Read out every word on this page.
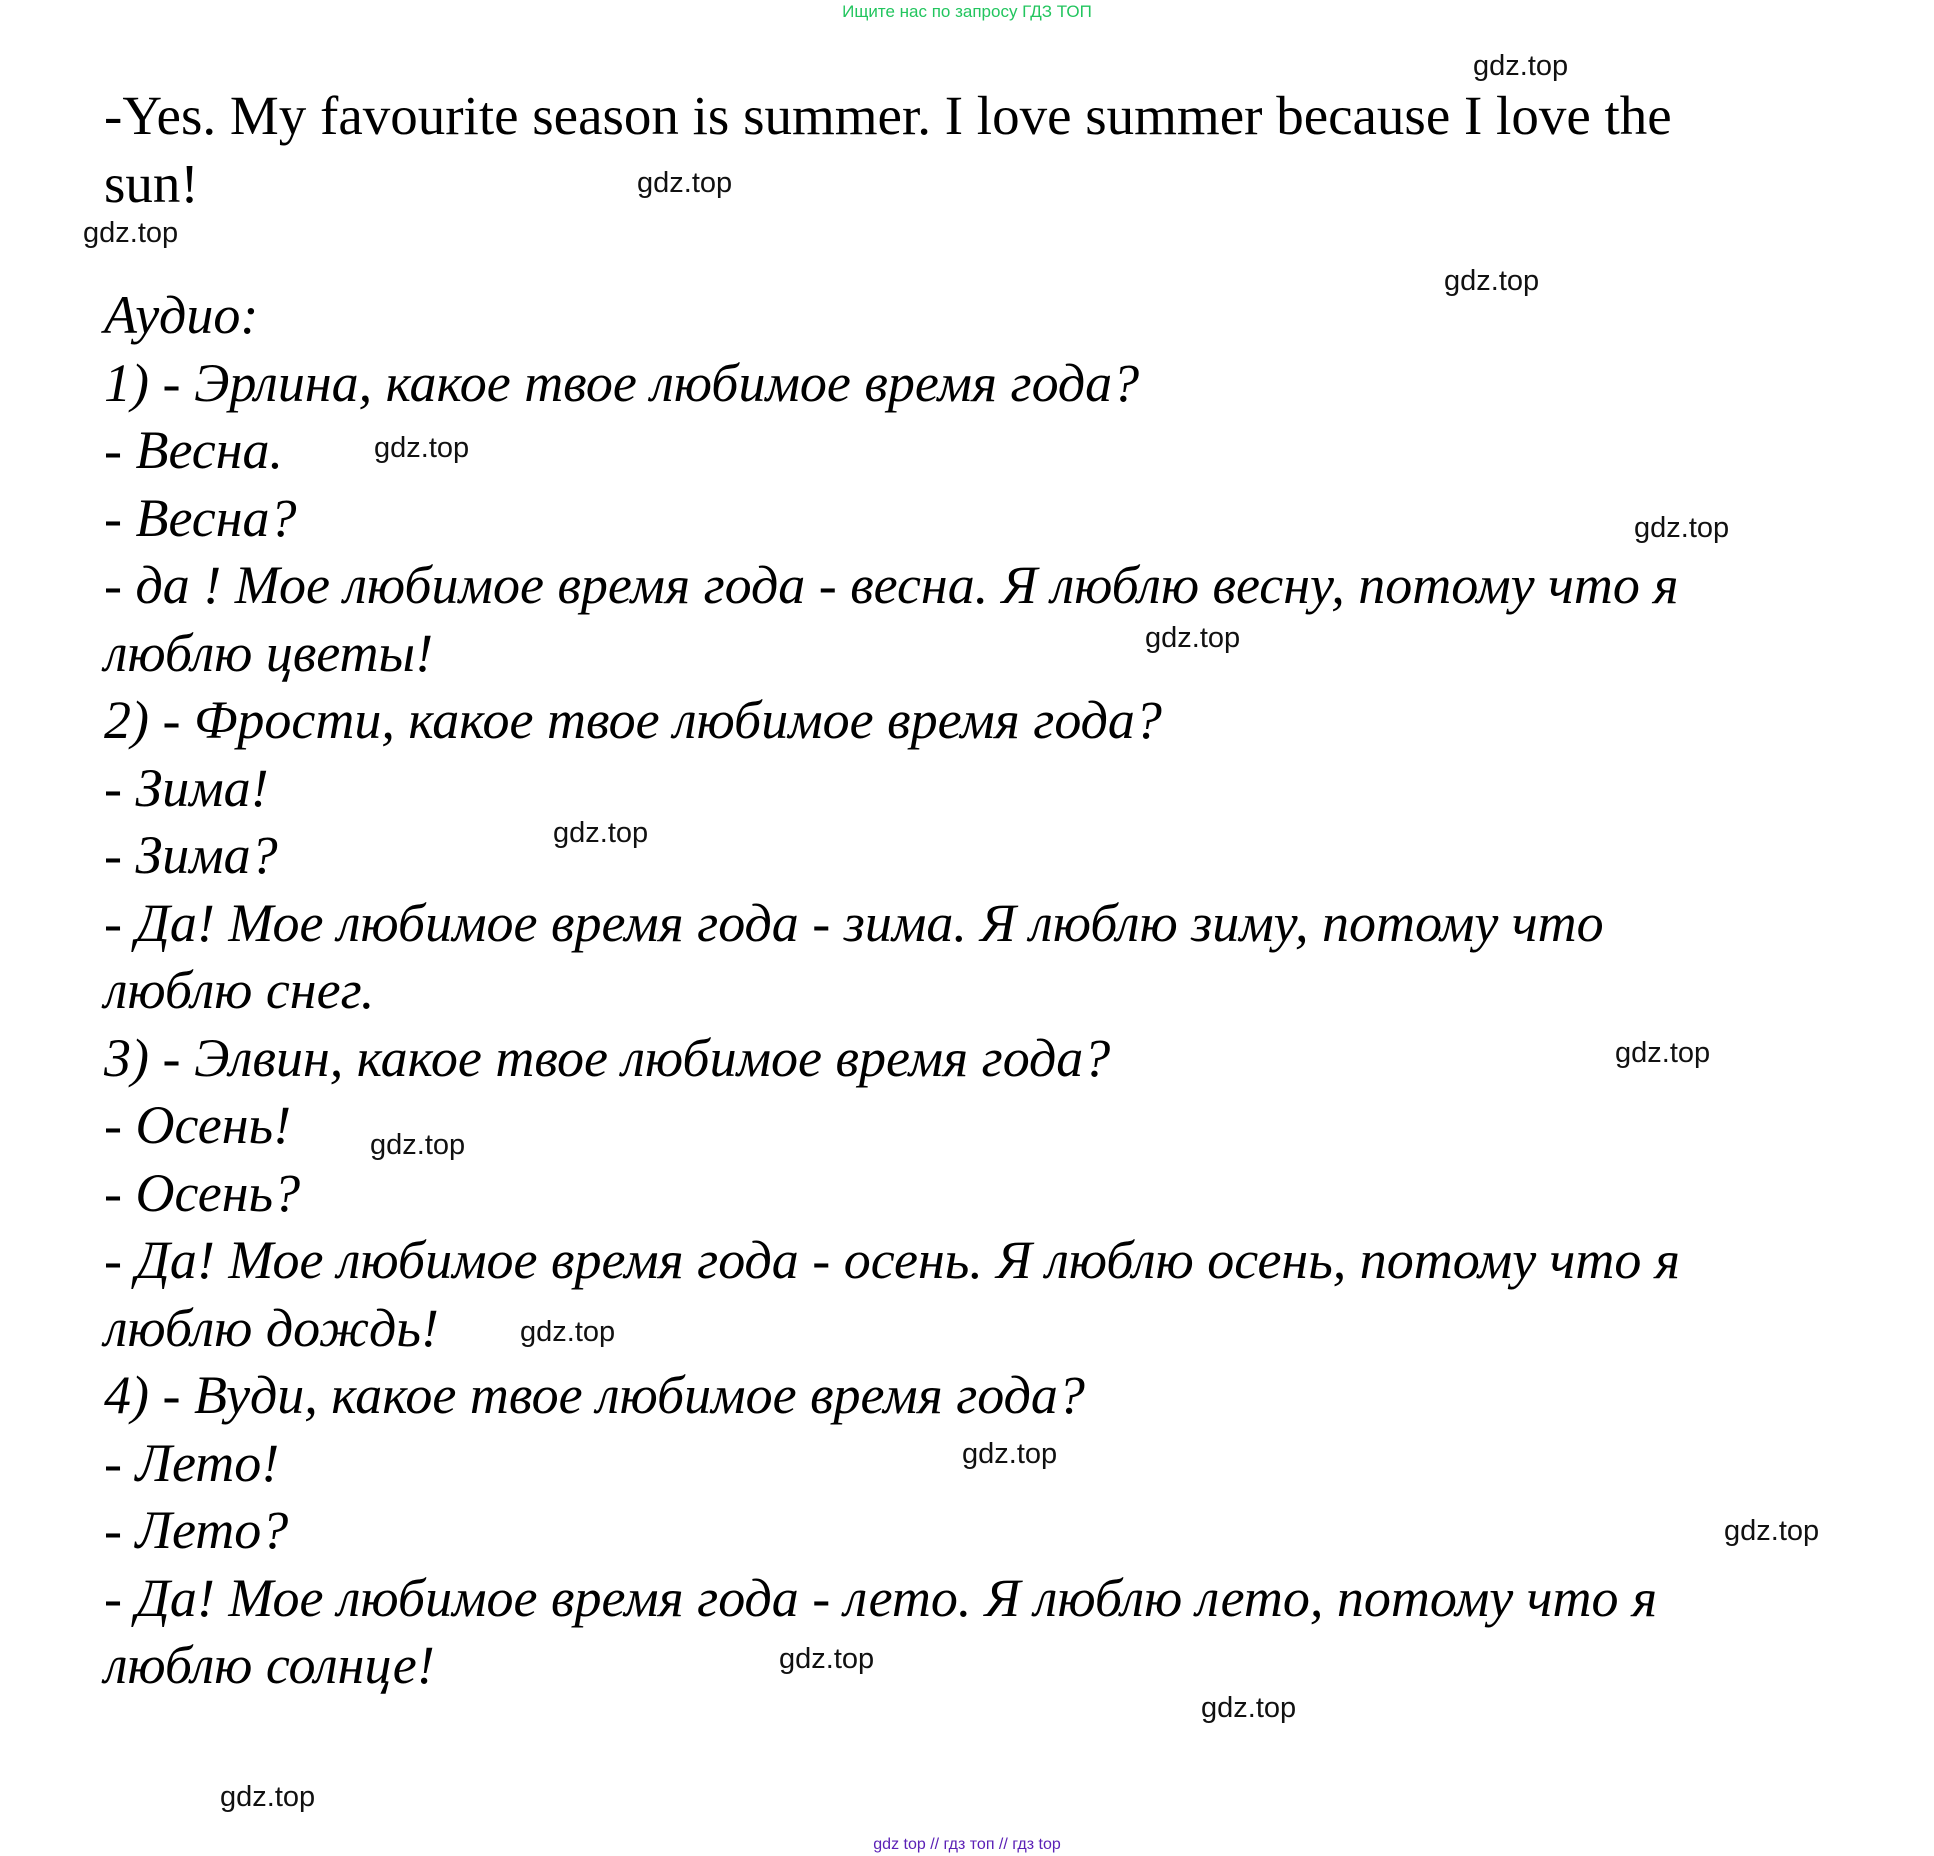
Ищите нас по запросу ГДЗ ТОП

-Yes. My favourite season is summer. I love summer because I love the
sun!

Аудио:
1) - Эрлина, какое твое любимое время года?
- Весна.
- Весна?
- да ! Мое любимое время года - весна. Я люблю весну, потому что я
люблю цветы!
2) - Фрости, какое твое любимое время года?
- Зима!
- Зима?
- Да! Мое любимое время года - зима. Я люблю зиму, потому что
люблю снег.
3) - Элвин, какое твое любимое время года?
- Осень!
- Осень?
- Да! Мое любимое время года - осень. Я люблю осень, потому что я
люблю дождь!
4) - Вуди, какое твое любимое время года?
- Лето!
- Лето?
- Да! Мое любимое время года - лето. Я люблю лето, потому что я
люблю солнце!
gdz.top
gdz.top
gdz.top
gdz.top
gdz.top
gdz.top
gdz.top
gdz.top
gdz.top
gdz.top
gdz.top
gdz.top
gdz.top
gdz.top
gdz.top
gdz.top
gdz top // гдз топ // гдз top
